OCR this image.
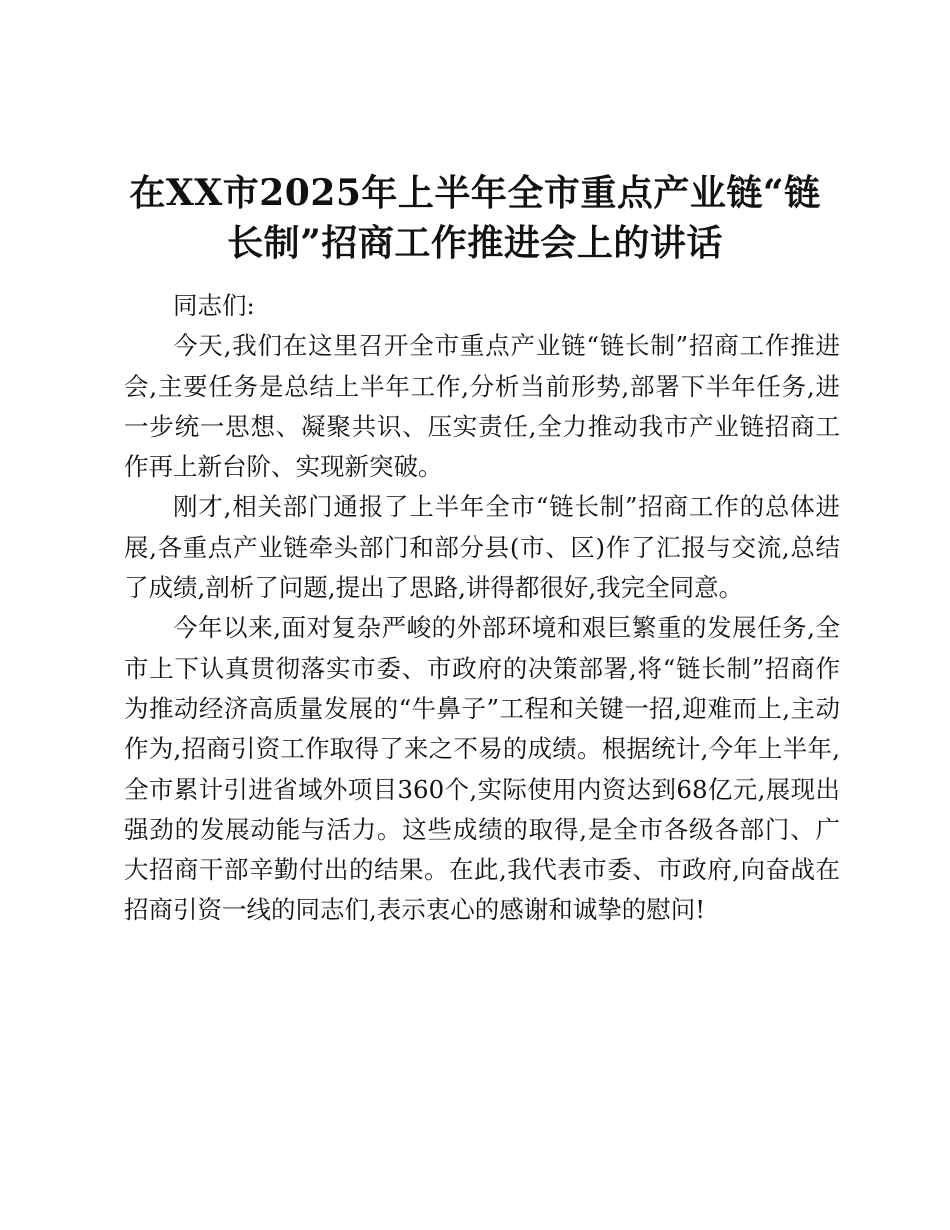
在XX市2025年上半年全市重点产业链“链长制”招商工作推进会上的讲话

同志们:

今天,我们在这里召开全市重点产业链“链长制”招商工作推进会,主要任务是总结上半年工作,分析当前形势,部署下半年任务,进一步统一思想、凝聚共识、压实责任,全力推动我市产业链招商工作再上新台阶、实现新突破。

刚才,相关部门通报了上半年全市“链长制”招商工作的总体进展,各重点产业链牵头部门和部分县(市、区)作了汇报与交流,总结了成绩,剖析了问题,提出了思路,讲得都很好,我完全同意。

今年以来,面对复杂严峻的外部环境和艰巨繁重的发展任务,全市上下认真贯彻落实市委、市政府的决策部署,将“链长制”招商作为推动经济高质量发展的“牛鼻子”工程和关键一招,迎难而上,主动作为,招商引资工作取得了来之不易的成绩。根据统计,今年上半年,全市累计引进省域外项目360个,实际使用内资达到68亿元,展现出强劲的发展动能与活力。这些成绩的取得,是全市各级各部门、广大招商干部辛勤付出的结果。在此,我代表市委、市政府,向奋战在招商引资一线的同志们,表示衷心的感谢和诚挚的慰问!
